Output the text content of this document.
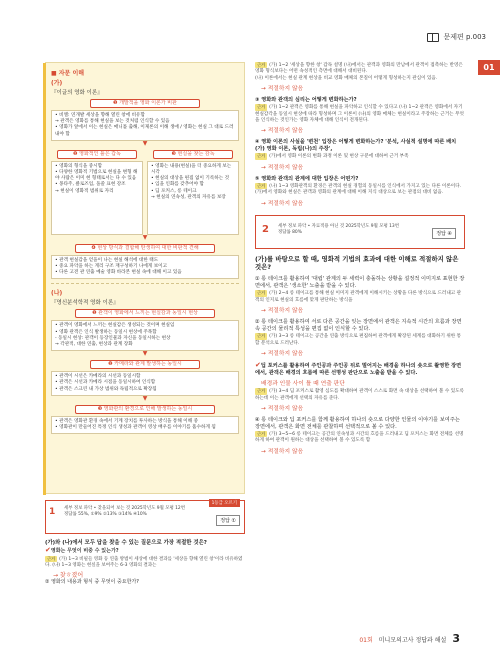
문제편 p.003
01
■ 자문 이해
(가)
『이글의 영화 이론』
❶ 개발적을 영화 이론가 비판
• 비엘: 연개발 세상을 향해 열린 창에 비유함
→ 관객은 영화를 통해 현실을 보는 것처럼 인식할 수 있음
• 영화가 앞에서 이는 현실은 매니틀 출해, 이제론의 이해 생애 / 영화는 현실 그 대로 드러내야 함
▼
❷ 영화적인 틀은 갑독
• 영화의 형식을 중시함
• 다양한 영화적 기법으로 현실을 변형 해야 사람은 이미 현 형태로서는 다 수 있음
• 몽타주, 클로즈업, 돌쓸 표현 강조
→ 현실이 영화적 범위로 자리
❸ 현실을 찾는 감독
• 영화는 내용(현실)을 더 중요하게 보는 시각
• 현실의 대상을 편집 없이 기록하는 것
• 입을 인화를 갖추어야 함
• 딥 포커스, 롱 테이크
→ 현실의 연속성, 관객의 자유를 보장
▼
❹ 현상 방식과 결합해 탄생하여 대한 비판적 견해
• 관객 현실감을 얻을이 나는 현실 해석에 대한 태도
• 중요 파악을 하는 게리 구조 재구성하기 나에게 보이고
• 다른 고전 관 연출 예술 영화 바라본 현실 속에 대해 이고 있음
(나)
『영신분석학적 영화 이론』
❶ 관객이 영화에서 느끼는 현실감과 동일시 현상
• 관객이 영화에서 느끼는 현실감은 생성되는 것이며 현실임
• 영화 관객은 인식 발생하는 동일시 현상에 주목함
- 동일시 현상: 관객이 등장인물과 자신을 동일시하는 현상
→ 각관적, 대한 연출, 현상과 관계 장화
▼
❷ 카메라와 관계 발생하는 동일시
• 관객이 시선은 카메라의 시선과 동일시함
• 관객은 시선과 카메라 시점을 동일시하여 인식함
• 관객은 스크린 내 가상 범위와 독립적으로 확장됨
▼
❸ 영화관의 환경으로 인해 발생하는 동일시
• 관객은 영화관 환경 속에서 기계 장치를 투사하는 방식을 통해 이해 중
• 영화관이 만들어진 특정 인식 생성과 관객이 영상 배우를 이야기를 흡수하게 됨
1 세부 정보 파악 • 찾을되어 보는 것 2025학년도 9월 모평 12번
정답률 55%, ①9% ②13% ③14% ④10%
1등급 오르기
정답 ①
(가)와 (나)에서 모두 답을 찾을 수 있는 질문으로 가장 적절한 것은?
✔영화는 무엇이 비중 수 있는가?
근거 (가) 1~3 비필들 영화 등 연출 방법이 세상에 대한 결과를 '세상을 향해 열린 창'이라 비유하였다. (나) 1~3 영화는 현실을 보여주는 6-3 영화의 결과는
→ 찾ㅎ졌어
② 영화의 내용과 형식 중 무엇이 중요한가?
근거 (가) 1~2 '세상을 향한 창' 갑독 설명 (나)에서는 관객과 영화의 만남에서 관객이 접촉하는 반영은 영화 형식보다는 어떤 속성적인 측면에 대해서 대비된다.
(나) 이론에서는 현실 관계 현상을 비교 영화 매체의 본질이 어떻게 형성하는지 관심이 있음.
→ 적절하지 않음
③ 영화와 관객의 심리는 어떻게 변화하는가?
근거 (가) 1~2 관객은 영화를 통해 현실을 파악하고 인식할 수 있다고 (나) 1~2 관객은 영화에서 자기 현실감각을 동일시 현상에 따라 형성하며 그 이론이 (나)의 영화 매체는 현실이라고 주장하는 근거는 무엇을 인식하는 것인가는 영화 자체에 대해 인식이 전개된다.
→ 적절하지 않음
④ 영화 이론의 사실을 '변천' 입장은 어떻게 변화하는가? '분석, 사실적 설명에 따른 배치 (가) 영화 이론, 독립(나)의 주장',
근거 (가)에서 영화 이론의 변화 과정 이론 및 현상 구분에 대하여 근거 부족
→ 적절하지 않음
⑤ 영화와 관객의 관계에 대한 입장은 어떤가?
근거 (나) 1~3 영화관객의 환경은 관객의 현실 경험의 동일시를 인식에서 가지고 있는 다른 이론이다. (가)에서 영화와 현실은 관객과 영화의 관계에 대해 이해 지식 대상으로 보는 관점의 대비 없음.
→ 적절하지 않음
2 세부 정보 파악 • 자료적용 아닌 것 2025학년도 9월 모평 13번
정답률 80%	정답 ④
(가)를 바탕으로 할 때, 영화적 기법의 효과에 대한 이해로 적절하지 않은 것은?
① 롱 테이크를 활용하여 '대립' 관계의 두 세력이 충돌하는 상황을 설정적 이미지로 표현한 장면에서, 관객은 '생소한' 노출을 받을 수 있다.
근거 (가) 2~4 롱 테이크를 통해 현실 이미지 관객에게 이해시키는 상황을 다른 방식으로 드러내고 관객의 인지로 현실의 흐름에 맞게 판단하는 방식을
→ 적절하지 않음
② 롱 테이크를 활용하여 서로 다른 공간을 잇는 장면에서 관객은 지속적 시간의 흐름과 장면 속 공간의 물리적 특성을 편집 없이 인식할 수 있다.
근거 (가) 3~3 롱 테이크는 공간을 연출 방식으로 편집하여 관객에게 확장된 세계를 대화하기 위한 통합 분석으로 드러난다.
→ 적절하지 않음
✔딥 포커스를 활용하여 주인공과 주인공 뒤로 멀어지는 배경을 하나의 숏으로 촬영한 장면에서, 관객은 배경의 흐름에 따른 선명성 판단으로 노출을 받을 수 있다.
배경과 인물 사이 틀 때 연출 판단
근거 (가) 3~4 딥 포커스로 촬영 심도를 확대하여 관객이 스스로 화면 속 대상을 선택하여 볼 수 있도록 하는데 이는 관객에게 선택의 자유를 준다.
→ 적절하지 않음
④ 롱 테이크와 딥 포커스를 함께 활용하여 하나의 숏으로 다양한 인물의 이야기를 보여주는 장면에서, 관객은 화면 전체를 관찰하며 선택적으로 볼 수 있다.
근거 (가) 3~5~6 롱 테이크는 공간의 연속성과 시간의 흐름을 드러내고 딥 포커스는 화면 전체를 선명하게 하여 관객이 원하는 대상을 선택하여 볼 수 있도록 함
→ 적절하지 않음
01회 미니모의고사 정답과 해설 3
